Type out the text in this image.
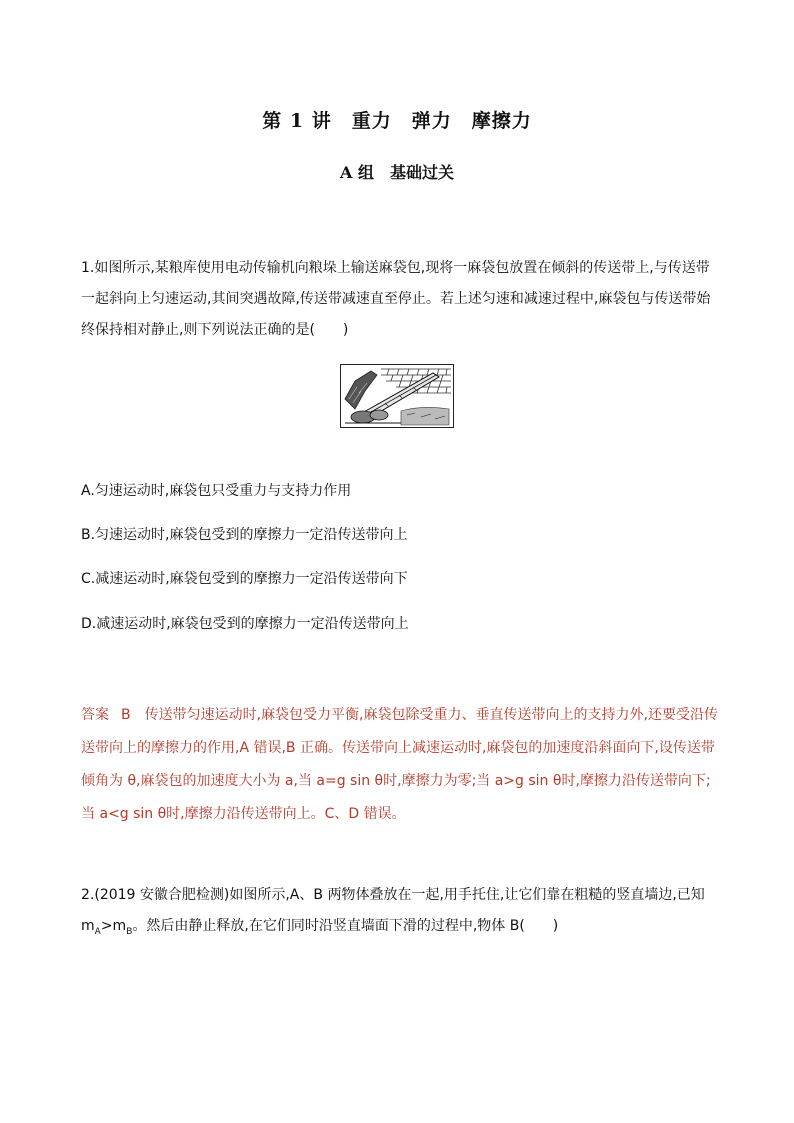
第 1 讲　重力　弹力　摩擦力
A 组　基础过关
1.如图所示,某粮库使用电动传输机向粮垛上输送麻袋包,现将一麻袋包放置在倾斜的传送带上,与传送带一起斜向上匀速运动,其间突遇故障,传送带减速直至停止。若上述匀速和减速过程中,麻袋包与传送带始终保持相对静止,则下列说法正确的是(　　)
A.匀速运动时,麻袋包只受重力与支持力作用
B.匀速运动时,麻袋包受到的摩擦力一定沿传送带向上
C.减速运动时,麻袋包受到的摩擦力一定沿传送带向下
D.减速运动时,麻袋包受到的摩擦力一定沿传送带向上
答案 B 传送带匀速运动时,麻袋包受力平衡,麻袋包除受重力、垂直传送带向上的支持力外,还要受沿传送带向上的摩擦力的作用,A 错误,B 正确。传送带向上减速运动时,麻袋包的加速度沿斜面向下,设传送带倾角为 θ,麻袋包的加速度大小为 a,当 a=g sin θ时,摩擦力为零;当 a>g sin θ时,摩擦力沿传送带向下;当 a<g sin θ时,摩擦力沿传送带向上。C、D 错误。
2.(2019 安徽合肥检测)如图所示,A、B 两物体叠放在一起,用手托住,让它们靠在粗糙的竖直墙边,已知 $m_A>m_B$。然后由静止释放,在它们同时沿竖直墙面下滑的过程中,物体 B(　　)
